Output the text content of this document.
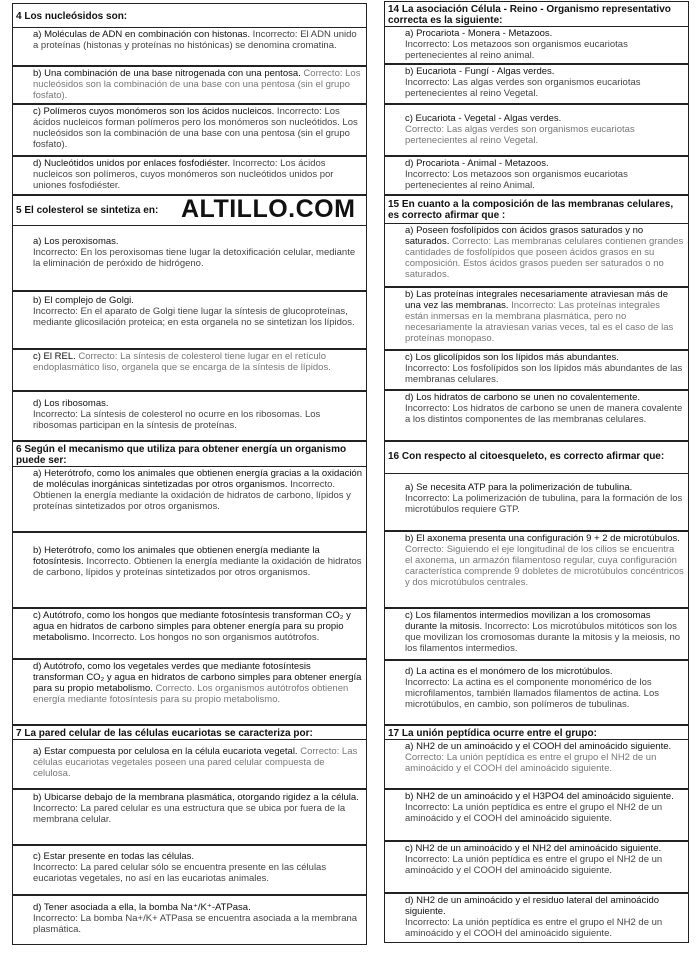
4 Los nucleósidos son:
a) Moléculas de ADN en combinación con histonas. Incorrecto: El ADN unido a proteínas (histonas y proteínas no histónicas) se denomina cromatina.
b) Una combinación de una base nitrogenada con una pentosa. Correcto: Los nucleósidos son la combinación de una base con una pentosa (sin el grupo fosfato).
c) Polímeros cuyos monómeros son los ácidos nucleicos. Incorrecto: Los ácidos nucleicos forman polímeros pero los monómeros son nucleótidos. Los nucleósidos son la combinación de una base con una pentosa (sin el grupo fosfato).
d) Nucleótidos unidos por enlaces fosfodiéster. Incorrecto: Los ácidos nucleicos son polímeros, cuyos monómeros son nucleótidos unidos por uniones fosfodiéster.
5 El colesterol se sintetiza en:
a) Los peroxisomas.
Incorrecto: En los peroxisomas tiene lugar la detoxificación celular, mediante la eliminación de peróxido de hidrógeno.
b) El complejo de Golgi.
Incorrecto: En el aparato de Golgi tiene lugar la síntesis de glucoproteínas, mediante glicosilación proteica; en esta organela no se sintetizan los lípidos.
c) El REL. Correcto: La síntesis de colesterol tiene lugar en el retículo endoplasmático liso, organela que se encarga de la síntesis de lípidos.
d) Los ribosomas.
Incorrecto: La síntesis de colesterol no ocurre en los ribosomas. Los ribosomas participan en la síntesis de proteínas.
6 Según el mecanismo que utiliza para obtener energía un organismo puede ser:
a) Heterótrofo, como los animales que obtienen energía gracias a la oxidación de moléculas inorgánicas sintetizadas por otros organismos. Incorrecto. Obtienen la energía mediante la oxidación de hidratos de carbono, lípidos y proteínas sintetizados por otros organismos.
b) Heterótrofo, como los animales que obtienen energía mediante la fotosíntesis. Incorrecto. Obtienen la energía mediante la oxidación de hidratos de carbono, lípidos y proteínas sintetizados por otros organismos.
c) Autótrofo, como los hongos que mediante fotosíntesis transforman CO₂ y agua en hidratos de carbono simples para obtener energía para su propio metabolismo. Incorrecto. Los hongos no son organismos autótrofos.
d) Autótrofo, como los vegetales verdes que mediante fotosíntesis transforman CO₂ y agua en hidratos de carbono simples para obtener energía para su propio metabolismo. Correcto. Los organismos autótrofos obtienen energía mediante fotosíntesis para su propio metabolismo.
7 La pared celular de las células eucariotas se caracteriza por:
a) Estar compuesta por celulosa en la célula eucariota vegetal. Correcto: Las células eucariotas vegetales poseen una pared celular compuesta de celulosa.
b) Ubicarse debajo de la membrana plasmática, otorgando rigidez a la célula.
Incorrecto: La pared celular es una estructura que se ubica por fuera de la membrana celular.
c) Estar presente en todas las células.
Incorrecto: La pared celular sólo se encuentra presente en las células eucariotas vegetales, no así en las eucariotas animales.
d) Tener asociada a ella, la bomba Na⁺/K⁺-ATPasa.
Incorrecto: La bomba Na+/K+ ATPasa se encuentra asociada a la membrana plasmática.
14 La asociación Célula - Reino - Organismo representativo correcta es la siguiente:
a) Procariota - Monera - Metazoos.
Incorrecto: Los metazoos son organismos eucariotas pertenecientes al reino animal.
b) Eucariota - Fungí - Algas verdes.
Incorrecto: Las algas verdes son organismos eucariotas pertenecientes al reino Vegetal.
c) Eucariota - Vegetal - Algas verdes.
Correcto: Las algas verdes son organismos eucariotas pertenecientes al reino Vegetal.
d) Procariota - Animal - Metazoos.
Incorrecto: Los metazoos son organismos eucariotas pertenecientes al reino Animal.
15 En cuanto a la composición de las membranas celulares, es correcto afirmar que :
a) Poseen fosfolípidos con ácidos grasos saturados y no saturados. Correcto: Las membranas celulares contienen grandes cantidades de fosfolípidos que poseen ácidos grasos en su composición. Estos ácidos grasos pueden ser saturados o no saturados.
b) Las proteínas integrales necesariamente atraviesan más de una vez las membranas. Incorrecto: Las proteínas integrales están inmersas en la membrana plasmática, pero no necesariamente la atraviesan varias veces, tal es el caso de las proteínas monopaso.
c) Los glicolípidos son los lípidos más abundantes.
Incorrecto: Los fosfolípidos son los lípidos más abundantes de las membranas celulares.
d) Los hidratos de carbono se unen no covalentemente.
Incorrecto: Los hidratos de carbono se unen de manera covalente a los distintos componentes de las membranas celulares.
16 Con respecto al citoesqueleto, es correcto afirmar que:
a) Se necesita ATP para la polimerización de tubulina.
Incorrecto: La polimerización de tubulina, para la formación de los microtúbulos requiere GTP.
b) El axonema presenta una configuración 9 + 2 de microtúbulos. Correcto: Siguiendo el eje longitudinal de los cilios se encuentra el axonema, un armazón filamentoso regular, cuya configuración característica comprende 9 dobletes de microtúbulos concéntricos y dos microtúbulos centrales.
c) Los filamentos intermedios movilizan a los cromosomas durante la mitosis. Incorrecto: Los microtúbulos mitóticos son los que movilizan los cromosomas durante la mitosis y la meiosis, no los filamentos intermedios.
d) La actina es el monómero de los microtúbulos.
Incorrecto: La actina es el componente monomérico de los microfilamentos, también llamados filamentos de actina. Los microtúbulos, en cambio, son polímeros de tubulinas.
17 La unión peptídica ocurre entre el grupo:
a) NH2 de un aminoácido y el COOH del aminoácido siguiente. Correcto: La unión peptídica es entre el grupo el NH2 de un aminoácido y el COOH del aminoácido siguiente.
b) NH2 de un aminoácido y el H3PO4 del aminoácido siguiente.
Incorrecto: La unión peptídica es entre el grupo el NH2 de un aminoácido y el COOH del aminoácido siguiente.
c) NH2 de un aminoácido y el NH2 del aminoácido siguiente.
Incorrecto: La unión peptídica es entre el grupo el NH2 de un aminoácido y el COOH del aminoácido siguiente.
d) NH2 de un aminoácido y el residuo lateral del aminoácido siguiente.
Incorrecto: La unión peptídica es entre el grupo el NH2 de un aminoácido y el COOH del aminoácido siguiente.
ALTILLO.COM
